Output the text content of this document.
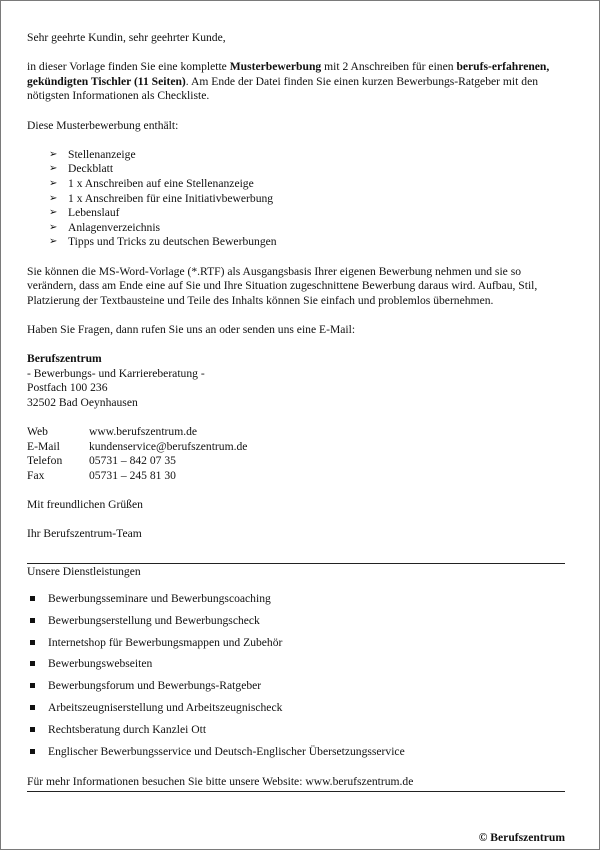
Sehr geehrte Kundin, sehr geehrter Kunde,

in dieser Vorlage finden Sie eine komplette Musterbewerbung mit 2 Anschreiben für einen berufs-erfahrenen, gekündigten Tischler (11 Seiten). Am Ende der Datei finden Sie einen kurzen Bewerbungs-Ratgeber mit den nötigsten Informationen als Checkliste.

Diese Musterbewerbung enthält:

➢ Stellenanzeige
➢ Deckblatt
➢ 1 x Anschreiben auf eine Stellenanzeige
➢ 1 x Anschreiben für eine Initiativbewerbung
➢ Lebenslauf
➢ Anlagenverzeichnis
➢ Tipps und Tricks zu deutschen Bewerbungen

Sie können die MS-Word-Vorlage (*.RTF) als Ausgangsbasis Ihrer eigenen Bewerbung nehmen und sie so verändern, dass am Ende eine auf Sie und Ihre Situation zugeschnittene Bewerbung daraus wird. Aufbau, Stil, Platzierung der Textbausteine und Teile des Inhalts können Sie einfach und problemlos übernehmen.

Haben Sie Fragen, dann rufen Sie uns an oder senden uns eine E-Mail:

Berufszentrum

- Bewerbungs- und Karriereberatung -

Postfach 100 236

32502 Bad Oeynhausen

Web	www.berufszentrum.de
E-Mail	kundenservice@berufszentrum.de
Telefon	05731 – 842 07 35
Fax	05731 – 245 81 30

Mit freundlichen Grüßen

Ihr Berufszentrum-Team

Unsere Dienstleistungen

Bewerbungsseminare und Bewerbungscoaching
Bewerbungserstellung und Bewerbungscheck
Internetshop für Bewerbungsmappen und Zubehör
Bewerbungswebseiten
Bewerbungsforum und Bewerbungs-Ratgeber
Arbeitszeugniserstellung und Arbeitszeugnischeck
Rechtsberatung durch Kanzlei Ott
Englischer Bewerbungsservice und Deutsch-Englischer Übersetzungsservice

Für mehr Informationen besuchen Sie bitte unsere Website: www.berufszentrum.de

© Berufszentrum
